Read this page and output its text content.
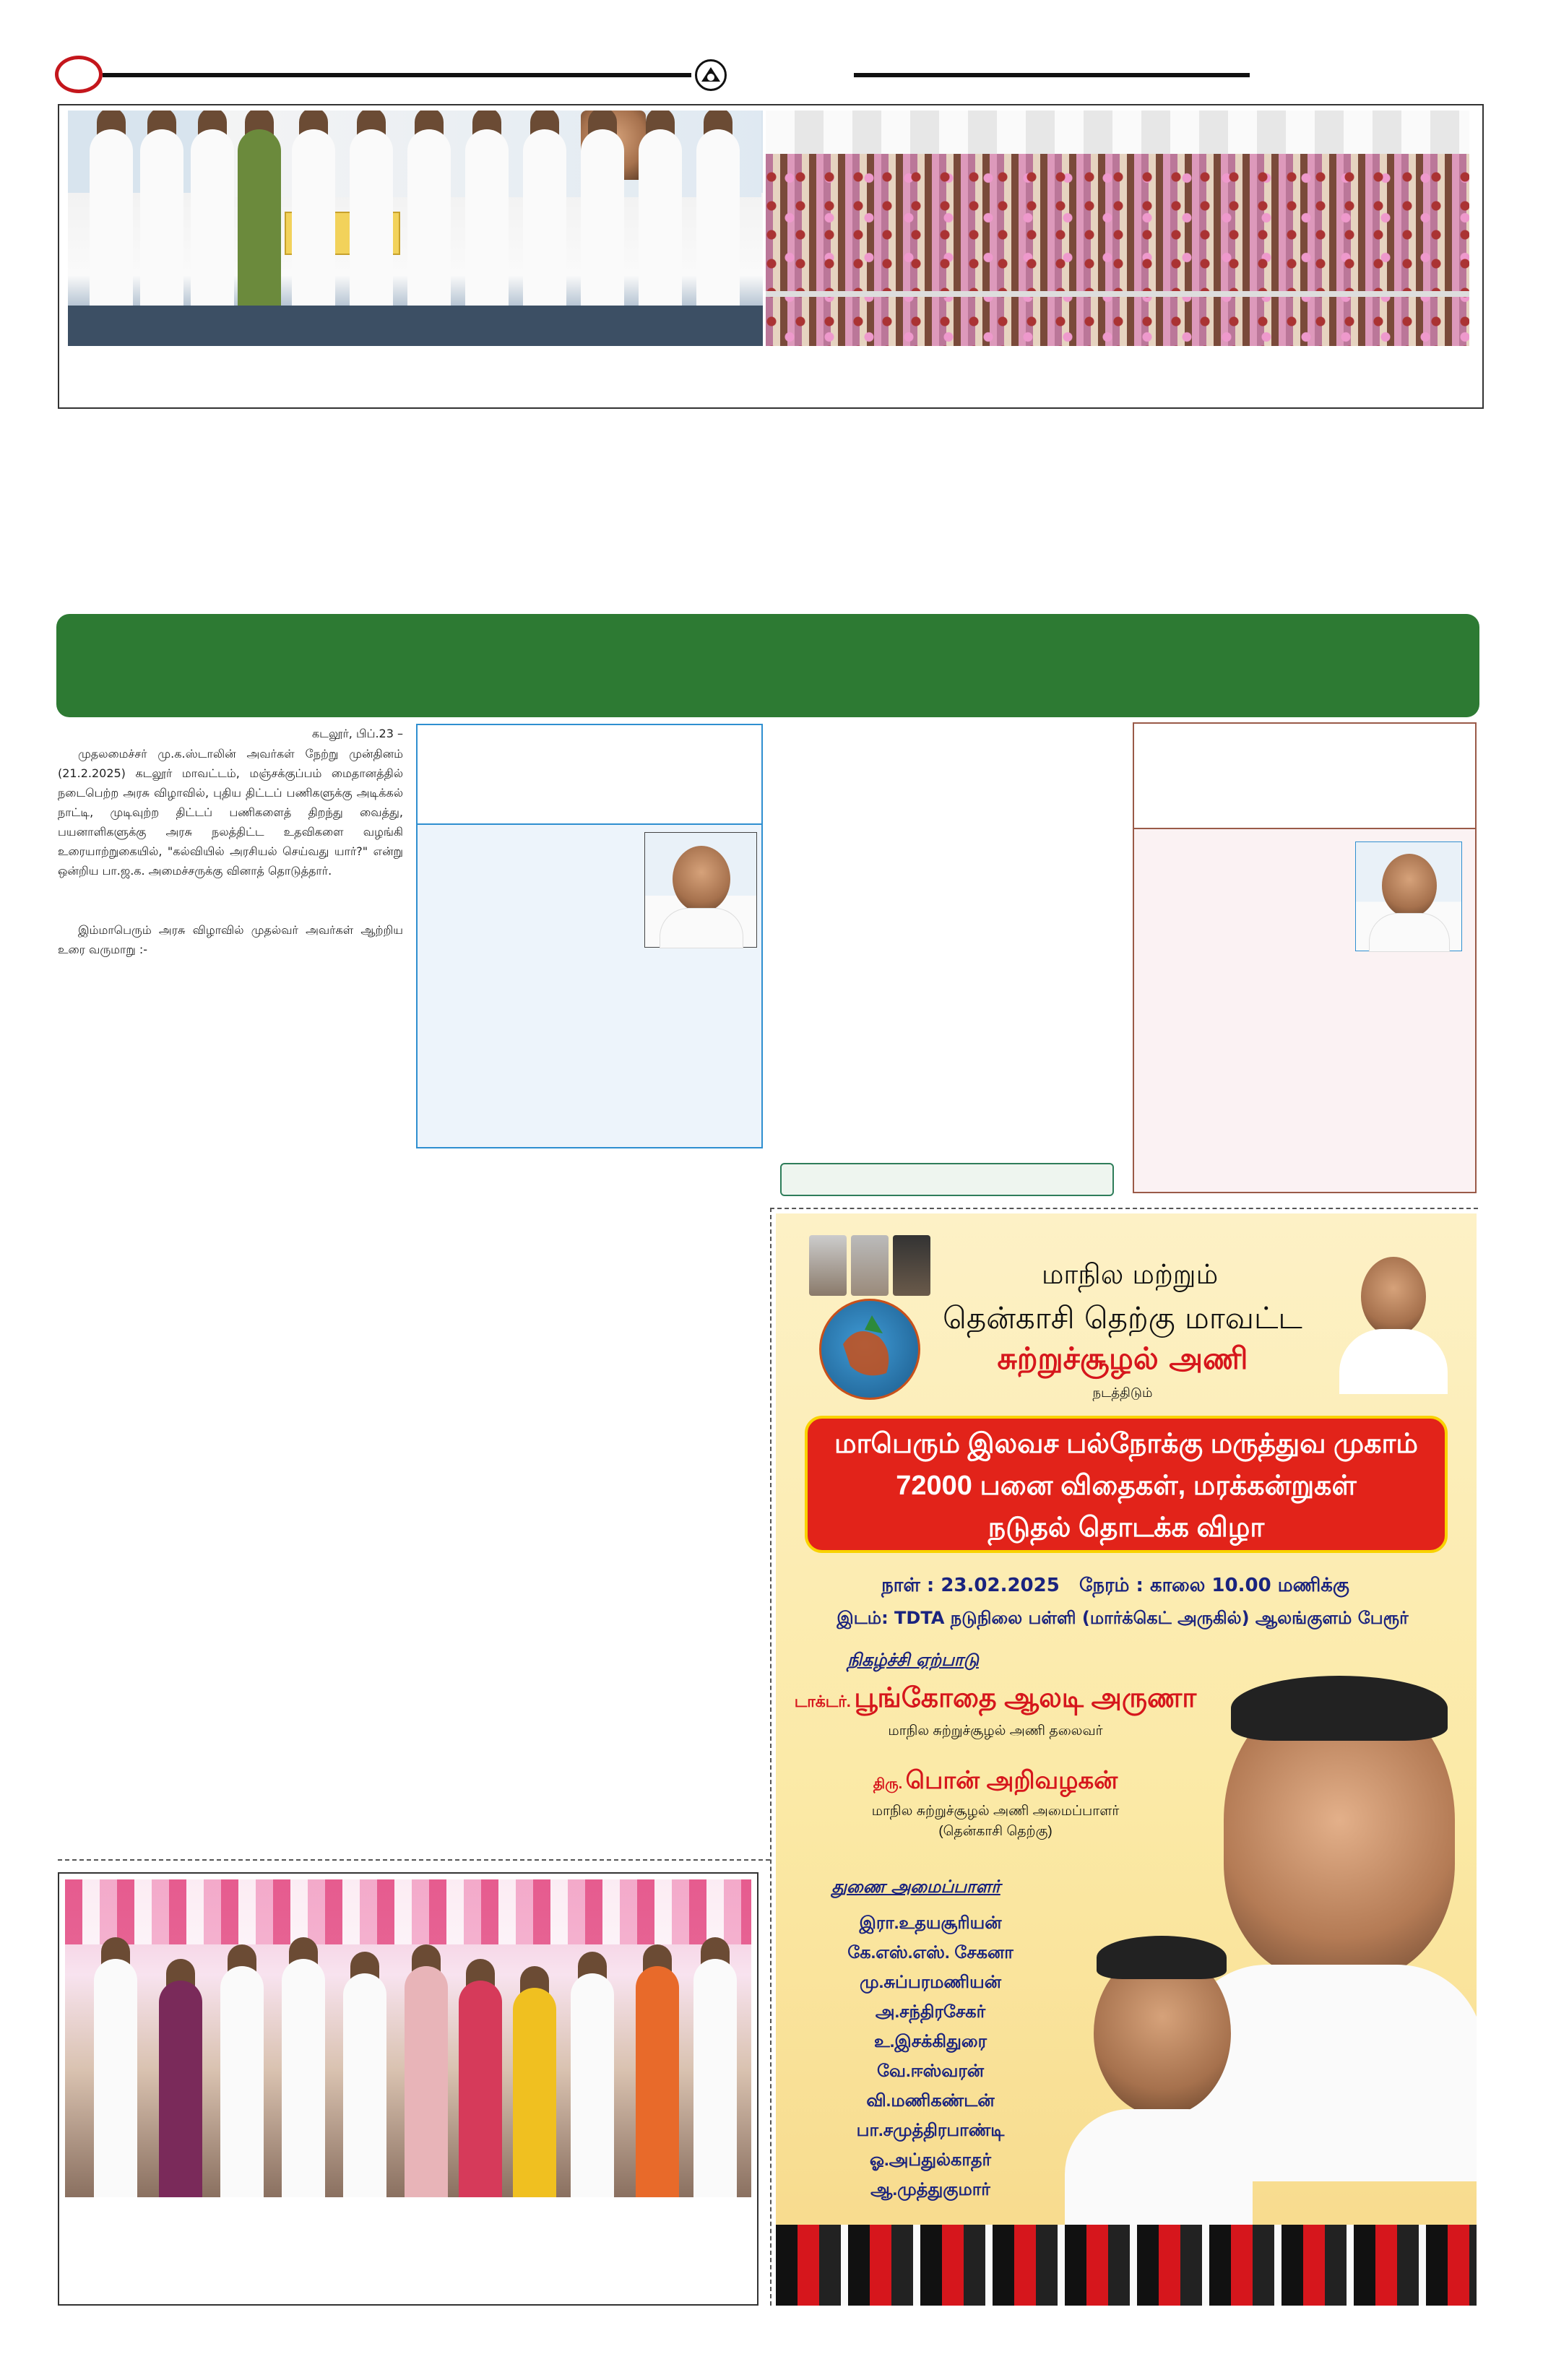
கடலூர், பிப்.23 –
முதலமைச்சர் மு.க.ஸ்டாலின் அவர்கள் நேற்று முன்தினம் (21.2.2025) கடலூர் மாவட்டம், மஞ்சக்குப்பம் மைதானத்தில் நடைபெற்ற அரசு விழாவில், புதிய திட்டப் பணிகளுக்கு அடிக்கல் நாட்டி, முடிவுற்ற திட்டப் பணிகளைத் திறந்து வைத்து, பயனாளிகளுக்கு அரசு நலத்திட்ட உதவிகளை வழங்கி உரையாற்றுகையில், "கல்வியில் அரசியல் செய்வது யார்?" என்று ஒன்றிய பா.ஜ.க. அமைச்சருக்கு வினாத் தொடுத்தார்.
இம்மாபெரும் அரசு விழாவில் முதல்வர் அவர்கள் ஆற்றிய உரை வருமாறு :-
மாநில மற்றும்
தென்காசி தெற்கு மாவட்ட
சுற்றுச்சூழல் அணி
நடத்திடும்
மாபெரும் இலவச பல்நோக்கு மருத்துவ முகாம்
72000 பனை விதைகள், மரக்கன்றுகள்
நடுதல் தொடக்க விழா
நாள் : 23.02.2025   நேரம் : காலை 10.00 மணிக்கு
இடம்: TDTA நடுநிலை பள்ளி (மார்க்கெட் அருகில்) ஆலங்குளம் பேரூர்
நிகழ்ச்சி ஏற்பாடு
டாக்டர். பூங்கோதை ஆலடி அருணா
மாநில சுற்றுச்சூழல் அணி தலைவர்
திரு. பொன் அறிவழகன்
மாநில சுற்றுச்சூழல் அணி அமைப்பாளர்
(தென்காசி தெற்கு)
துணை அமைப்பாளர்
இரா.உதயசூரியன்
கே.எஸ்.எஸ். சேகனா
மு.சுப்பரமணியன்
அ.சந்திரசேகர்
உ.இசக்கிதுரை
வே.ஈஸ்வரன்
வி.மணிகண்டன்
பா.சமுத்திரபாண்டி
ஓ.அப்துல்காதர்
ஆ.முத்துகுமார்
